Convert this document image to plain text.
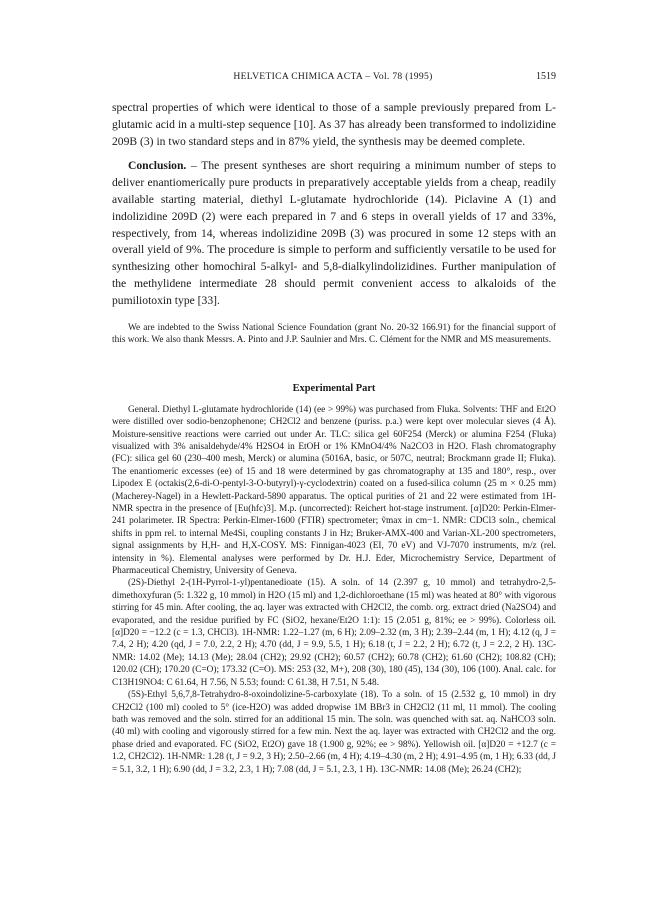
HELVETICA CHIMICA ACTA – Vol. 78 (1995)	1519

spectral properties of which were identical to those of a sample previously prepared from L-glutamic acid in a multi-step sequence [10]. As 37 has already been transformed to indolizidine 209B (3) in two standard steps and in 87% yield, the synthesis may be deemed complete.

Conclusion. – The present syntheses are short requiring a minimum number of steps to deliver enantiomerically pure products in preparatively acceptable yields from a cheap, readily available starting material, diethyl L-glutamate hydrochloride (14). Piclavine A (1) and indolizidine 209D (2) were each prepared in 7 and 6 steps in overall yields of 17 and 33%, respectively, from 14, whereas indolizidine 209B (3) was procured in some 12 steps with an overall yield of 9%. The procedure is simple to perform and sufficiently versatile to be used for synthesizing other homochiral 5-alkyl- and 5,8-dialkylindolizidines. Further manipulation of the methylidene intermediate 28 should permit convenient access to alkaloids of the pumiliotoxin type [33].

We are indebted to the Swiss National Science Foundation (grant No. 20-32 166.91) for the financial support of this work. We also thank Messrs. A. Pinto and J.P. Saulnier and Mrs. C. Clément for the NMR and MS measurements.

Experimental Part

General. Diethyl L-glutamate hydrochloride (14) (ee > 99%) was purchased from Fluka. Solvents: THF and Et2O were distilled over sodio-benzophenone; CH2Cl2 and benzene (puriss. p.a.) were kept over molecular sieves (4 Å). Moisture-sensitive reactions were carried out under Ar. TLC: silica gel 60F254 (Merck) or alumina F254 (Fluka) visualized with 3% anisaldehyde/4% H2SO4 in EtOH or 1% KMnO4/4% Na2CO3 in H2O. Flash chromatography (FC): silica gel 60 (230–400 mesh, Merck) or alumina (5016A, basic, or 507C, neutral; Brockmann grade II; Fluka). The enantiomeric excesses (ee) of 15 and 18 were determined by gas chromatography at 135 and 180°, resp., over Lipodex E (octakis(2,6-di-O-pentyl-3-O-butyryl)-γ-cyclodextrin) coated on a fused-silica column (25 m × 0.25 mm) (Macherey-Nagel) in a Hewlett-Packard-5890 apparatus. The optical purities of 21 and 22 were estimated from 1H-NMR spectra in the presence of [Eu(hfc)3]. M.p. (uncorrected): Reichert hot-stage instrument. [α]D20: Perkin-Elmer-241 polarimeter. IR Spectra: Perkin-Elmer-1600 (FTIR) spectrometer; ṽmax in cm−1. NMR: CDCl3 soln., chemical shifts in ppm rel. to internal Me4Si, coupling constants J in Hz; Bruker-AMX-400 and Varian-XL-200 spectrometers, signal assignments by H,H- and H,X-COSY. MS: Finnigan-4023 (EI, 70 eV) and VJ-7070 instruments, m/z (rel. intensity in %). Elemental analyses were performed by Dr. H.J. Eder, Microchemistry Service, Department of Pharmaceutical Chemistry, University of Geneva.

(2S)-Diethyl 2-(1H-Pyrrol-1-yl)pentanedioate (15). A soln. of 14 (2.397 g, 10 mmol) and tetrahydro-2,5-dimethoxyfuran (5: 1.322 g, 10 mmol) in H2O (15 ml) and 1,2-dichloroethane (15 ml) was heated at 80° with vigorous stirring for 45 min. After cooling, the aq. layer was extracted with CH2Cl2, the comb. org. extract dried (Na2SO4) and evaporated, and the residue purified by FC (SiO2, hexane/Et2O 1:1): 15 (2.051 g, 81%; ee > 99%). Colorless oil. [α]D20 = −12.2 (c = 1.3, CHCl3). 1H-NMR: 1.22–1.27 (m, 6 H); 2.09–2.32 (m, 3 H); 2.39–2.44 (m, 1 H); 4.12 (q, J = 7.4, 2 H); 4.20 (qd, J = 7.0, 2.2, 2 H); 4.70 (dd, J = 9.9, 5.5, 1 H); 6.18 (t, J = 2.2, 2 H); 6.72 (t, J = 2.2, 2 H). 13C-NMR: 14.02 (Me); 14.13 (Me); 28.04 (CH2); 29.92 (CH2); 60.57 (CH2); 60.78 (CH2); 61.60 (CH2); 108.82 (CH); 120.02 (CH); 170.20 (C=O); 173.32 (C=O). MS: 253 (32, M+), 208 (30), 180 (45), 134 (30), 106 (100). Anal. calc. for C13H19NO4: C 61.64, H 7.56, N 5.53; found: C 61.38, H 7.51, N 5.48.

(5S)-Ethyl 5,6,7,8-Tetrahydro-8-oxoindolizine-5-carboxylate (18). To a soln. of 15 (2.532 g, 10 mmol) in dry CH2Cl2 (100 ml) cooled to 5° (ice-H2O) was added dropwise 1M BBr3 in CH2Cl2 (11 ml, 11 mmol). The cooling bath was removed and the soln. stirred for an additional 15 min. The soln. was quenched with sat. aq. NaHCO3 soln. (40 ml) with cooling and vigorously stirred for a few min. Next the aq. layer was extracted with CH2Cl2 and the org. phase dried and evaporated. FC (SiO2, Et2O) gave 18 (1.900 g, 92%; ee > 98%). Yellowish oil. [α]D20 = +12.7 (c = 1.2, CH2Cl2). 1H-NMR: 1.28 (t, J = 9.2, 3 H); 2.50–2.66 (m, 4 H); 4.19–4.30 (m, 2 H); 4.91–4.95 (m, 1 H); 6.33 (dd, J = 5.1, 3.2, 1 H); 6.90 (dd, J = 3.2, 2.3, 1 H); 7.08 (dd, J = 5.1, 2.3, 1 H). 13C-NMR: 14.08 (Me); 26.24 (CH2);
